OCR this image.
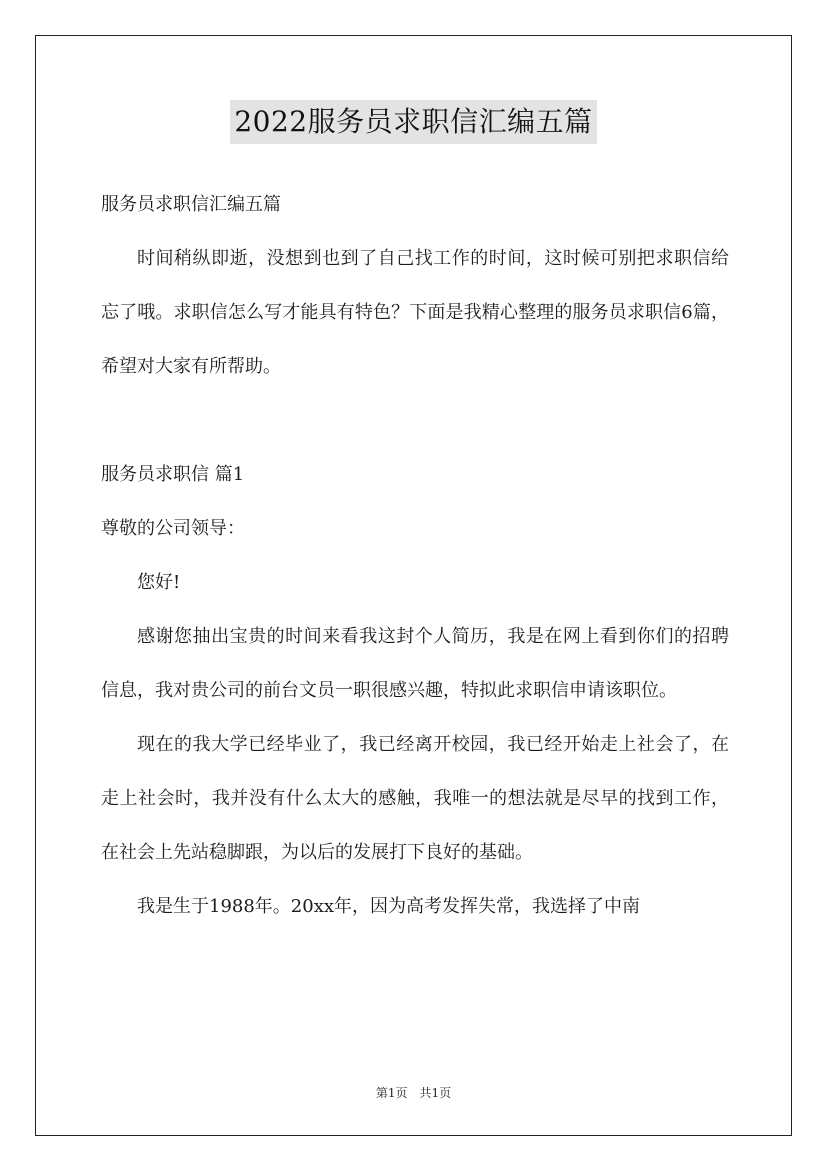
2022服务员求职信汇编五篇

服务员求职信汇编五篇

时间稍纵即逝，没想到也到了自己找工作的时间，这时候可别把求职信给忘了哦。求职信怎么写才能具有特色？下面是我精心整理的服务员求职信6篇，希望对大家有所帮助。

服务员求职信 篇1

尊敬的公司领导：

您好!

感谢您抽出宝贵的时间来看我这封个人简历，我是在网上看到你们的招聘信息，我对贵公司的前台文员一职很感兴趣，特拟此求职信申请该职位。

现在的我大学已经毕业了，我已经离开校园，我已经开始走上社会了，在走上社会时，我并没有什么太大的感触，我唯一的想法就是尽早的找到工作，在社会上先站稳脚跟，为以后的发展打下良好的基础。

我是生于1988年。20xx年，因为高考发挥失常，我选择了中南

第1页 共1页
